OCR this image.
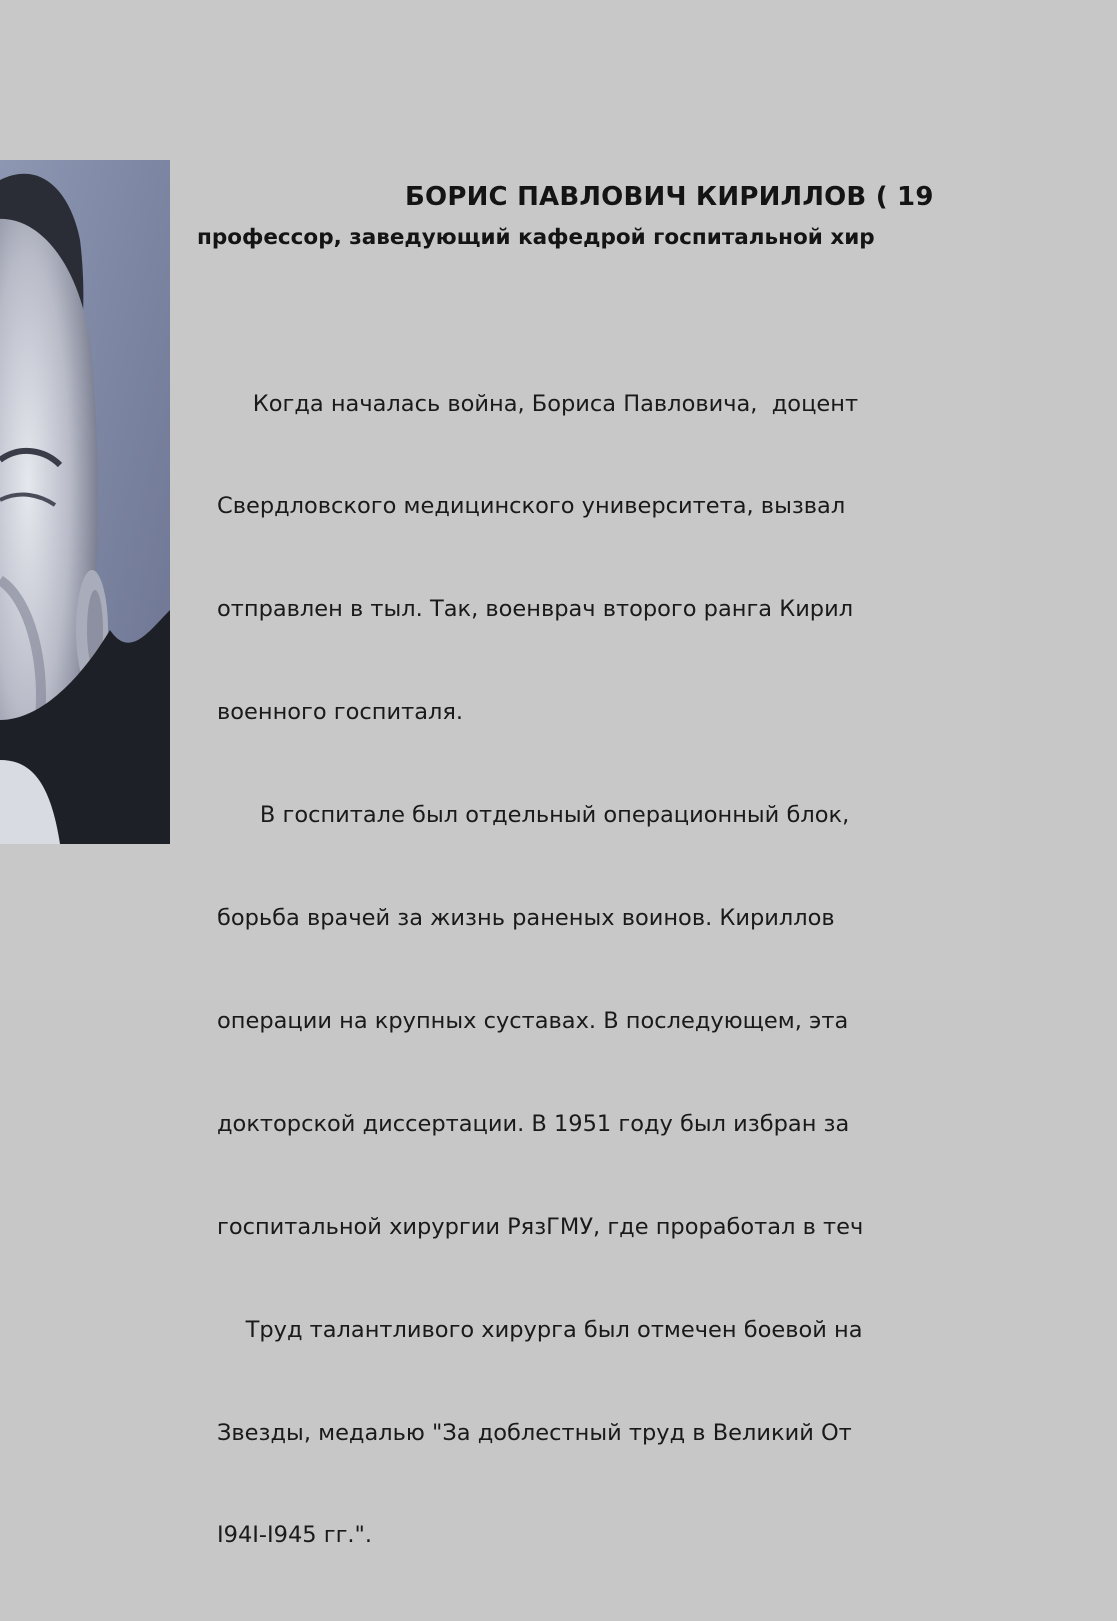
БОРИС ПАВЛОВИЧ КИРИЛЛОВ ( 19
профессор, заведующий кафедрой госпитальной хир

Когда началась война, Бориса Павловича,  доцент

Свердловского медицинского университета, вызвал

отправлен в тыл. Так, военврач второго ранга Кирил

военного госпиталя.

В госпитале был отдельный операционный блок,

борьба врачей за жизнь раненых воинов. Кириллов

операции на крупных суставах. В последующем, эта

докторской диссертации. В 1951 году был избран за

госпитальной хирургии РязГМУ, где проработал в теч

Труд талантливого хирурга был отмечен боевой на

Звезды, медалью "За доблестный труд в Великий От

I94I-I945 гг.".
